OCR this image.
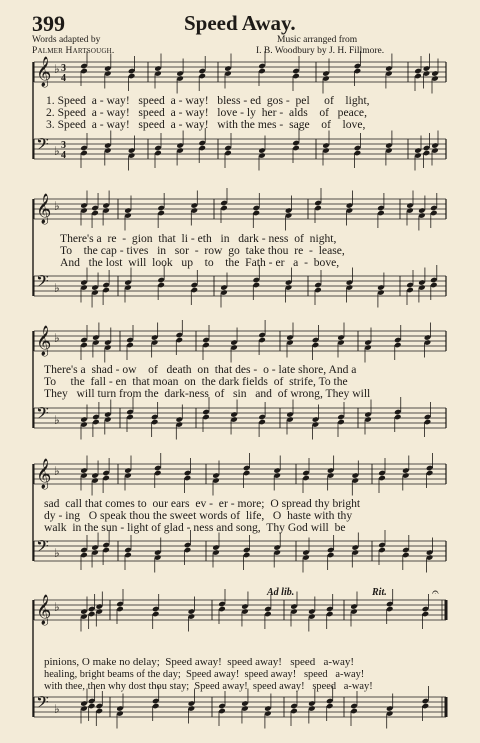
399	Speed Away.
Words adapted by
Palmer Hartsough.
Music arranged from
I. B. Woodbury by J. H. Fillmore.
𝄞 ♭
𝄢 ♭
3
4
3
4
𝄞 ♭
𝄢 ♭
𝄞 ♭
𝄢 ♭
𝄞 ♭
𝄢 ♭
𝄞 ♭
𝄢 ♭
𝄐
1. Speed  a - way!   speed  a - way!   bless - ed  gos -  pel     of    light,
2. Speed  a - way!   speed  a - way!   love - ly  her -  alds    of   peace,
3. Speed  a - way!   speed  a - way!   with the mes -  sage    of    love,
There's a  re  -  gion  that  li - eth   in   dark - ness  of  night,
To    the cap - tives   in   sor  -  row  go  take thou  re  -  lease,
And   the lost  will  look   up    to    the  Fath - er   a  -  bove,
There's a  shad - ow    of   death  on  that des -  o - late shore, And a
To     the  fall - en  that moan  on  the dark fields  of  strife, To the
They   will turn from the  dark-ness  of   sin   and  of wrong, They will
sad  call that comes to  our ears  ev -  er - more;  O spread thy bright
dy - ing   O speak thou the sweet words of  life,   O  haste with thy
walk  in the sun - light of glad - ness and song,  Thy God will  be
Ad lib.	Rit.
pinions, O make no delay;  Speed away!  speed away!   speed   a-way!
healing, bright beams of the day;  Speed away!  speed away!   speed   a-way!
with thee, then why dost thou stay;  Speed away!  speed away!   speed   a-way!
